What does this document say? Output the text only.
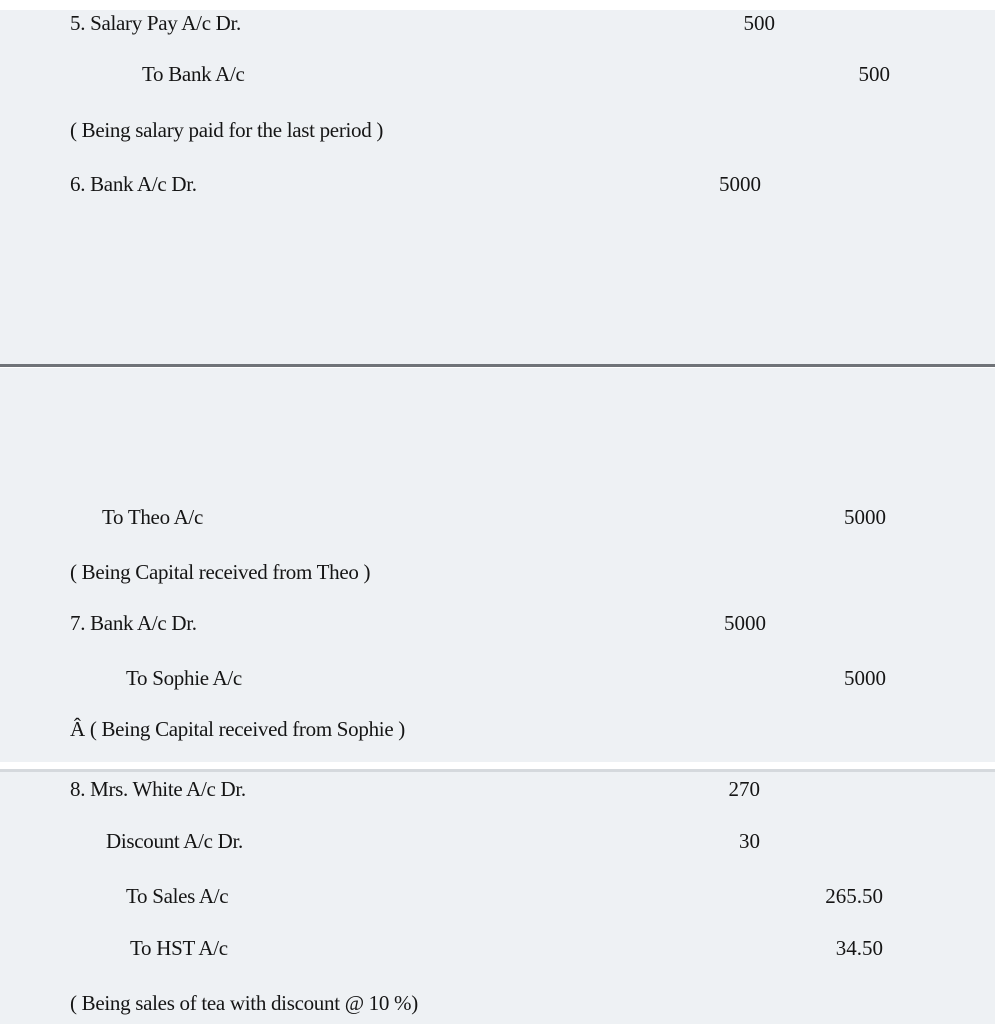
5. Salary Pay A/c Dr.	500
To Bank A/c	500
( Being salary paid for the last period )
6. Bank A/c Dr.	5000
To Theo A/c	5000
( Being Capital received from Theo )
7. Bank A/c Dr.	5000
To Sophie A/c	5000
Â ( Being Capital received from Sophie )
8. Mrs. White A/c Dr.	270
Discount A/c Dr.	30
To Sales A/c	265.50
To HST A/c	34.50
( Being sales of tea with discount @ 10 %)
